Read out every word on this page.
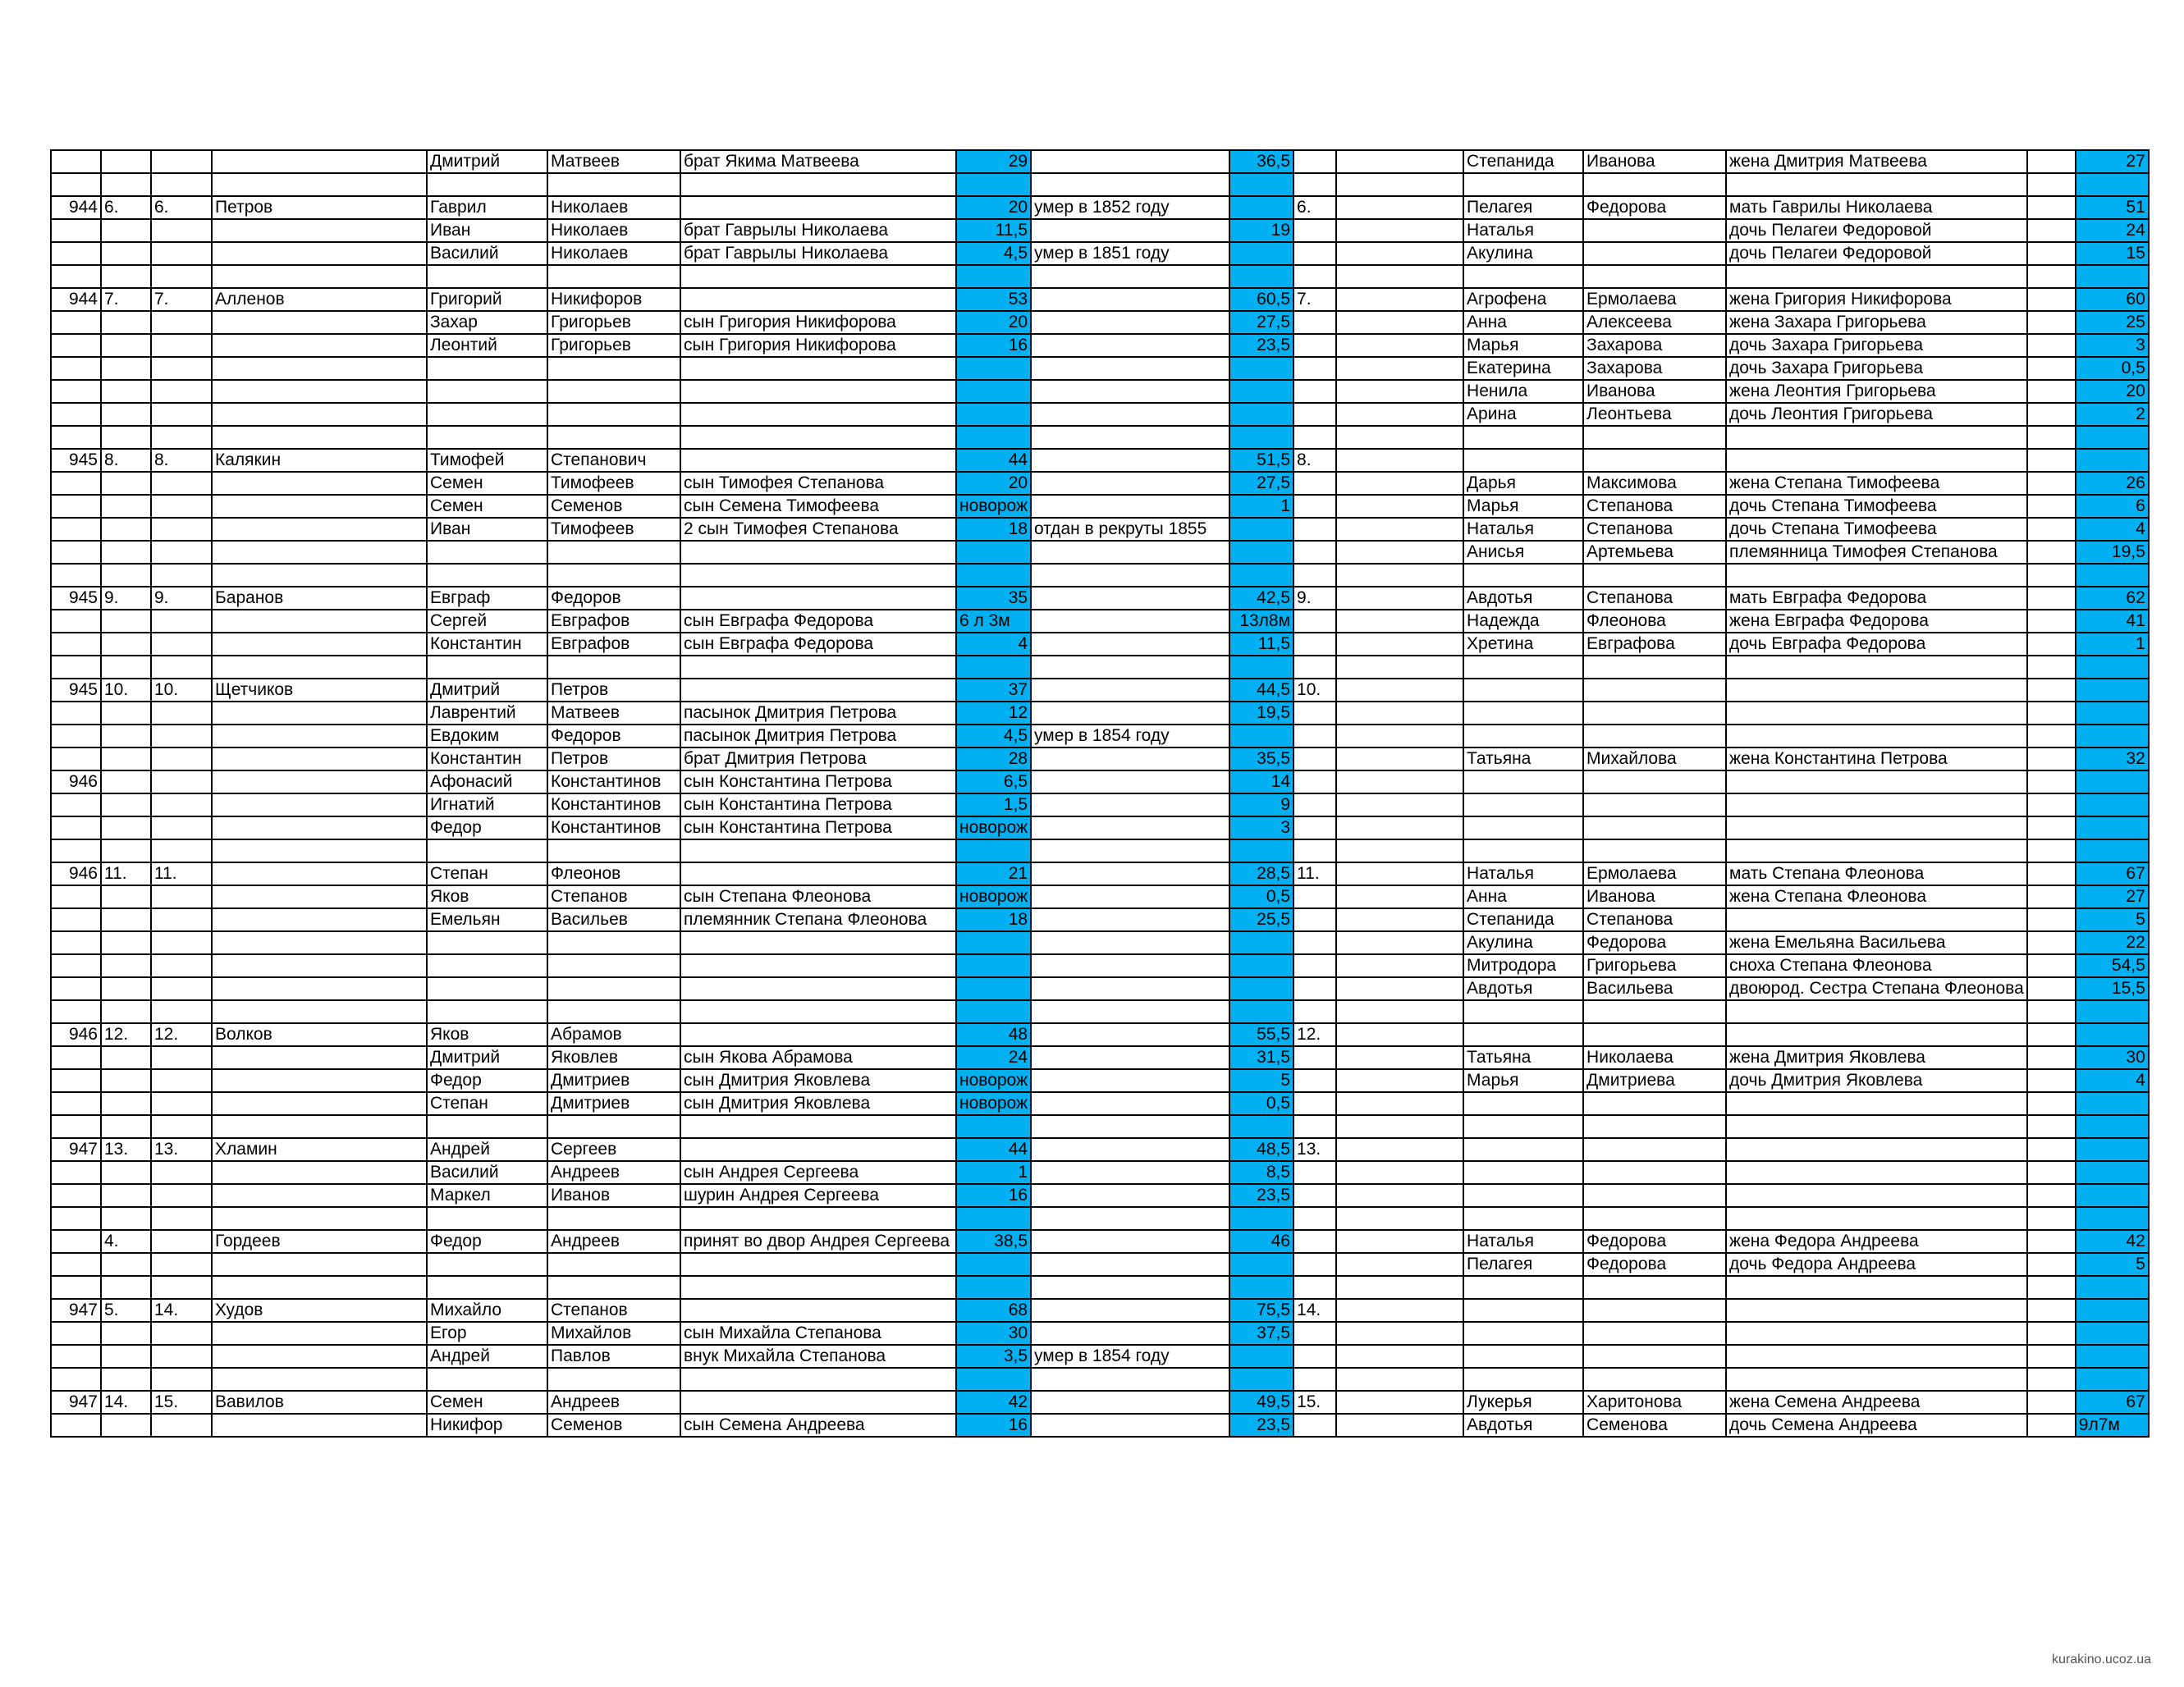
				Дмитрий	Матвеев	брат Якима Матвеева	29		36,5			Степанида	Иванова	жена Дмитрия Матвеева		27

944	6.	6.	Петров	Гаврил	Николаев		20	умер в 1852 году		6.		Пелагея	Федорова	мать Гаврилы Николаева		51
				Иван	Николаев	брат Гаврылы Николаева	11,5		19			Наталья		дочь Пелагеи Федоровой		24
				Василий	Николаев	брат Гаврылы Николаева	4,5	умер в 1851 году				Акулина		дочь Пелагеи Федоровой		15

944	7.	7.	Алленов	Григорий	Никифоров		53		60,5	7.		Агрофена	Ермолаева	жена Григория Никифорова		60
				Захар	Григорьев	сын Григория Никифорова	20		27,5			Анна	Алексеева	жена Захара Григорьева		25
				Леонтий	Григорьев	сын Григория Никифорова	16		23,5			Марья	Захарова	дочь Захара Григорьева		3
												Екатерина	Захарова	дочь Захара Григорьева		0,5
												Ненила	Иванова	жена Леонтия Григорьева		20
												Арина	Леонтьева	дочь Леонтия Григорьева		2

945	8.	8.	Калякин	Тимофей	Степанович		44		51,5	8.						
				Семен	Тимофеев	сын Тимофея Степанова	20		27,5			Дарья	Максимова	жена Степана Тимофеева		26
				Семен	Семенов	сын Семена Тимофеева	новорож		1			Марья	Степанова	дочь Степана Тимофеева		6
				Иван	Тимофеев	2 сын Тимофея Степанова	18	отдан в рекруты 1855				Наталья	Степанова	дочь Степана Тимофеева		4
												Анисья	Артемьева	племянница Тимофея Степанова		19,5

945	9.	9.	Баранов	Евграф	Федоров		35		42,5	9.		Авдотья	Степанова	мать Евграфа Федорова		62
				Сергей	Евграфов	сын Евграфа Федорова	6 л 3м		13л8м			Надежда	Флеонова	жена Евграфа Федорова		41
				Константин	Евграфов	сын Евграфа Федорова	4		11,5			Хретина	Евграфова	дочь Евграфа Федорова		1

945	10.	10.	Щетчиков	Дмитрий	Петров		37		44,5	10.						
				Лаврентий	Матвеев	пасынок Дмитрия Петрова	12		19,5							
				Евдоким	Федоров	пасынок Дмитрия Петрова	4,5	умер в 1854 году								
				Константин	Петров	брат Дмитрия Петрова	28		35,5			Татьяна	Михайлова	жена Константина Петрова		32
946				Афонасий	Константинов	сын Константина Петрова	6,5		14							
				Игнатий	Константинов	сын Константина Петрова	1,5		9							
				Федор	Константинов	сын Константина Петрова	новорож		3							

946	11.	11.		Степан	Флеонов		21		28,5	11.		Наталья	Ермолаева	мать Степана Флеонова		67
				Яков	Степанов	сын Степана Флеонова	новорож		0,5			Анна	Иванова	жена Степана Флеонова		27
				Емельян	Васильев	племянник Степана Флеонова	18		25,5			Степанида	Степанова			5
												Акулина	Федорова	жена Емельяна Васильева		22
												Митродора	Григорьева	сноха Степана Флеонова		54,5
												Авдотья	Васильева	двоюрод. Сестра Степана Флеонова		15,5

946	12.	12.	Волков	Яков	Абрамов		48		55,5	12.						
				Дмитрий	Яковлев	сын Якова Абрамова	24		31,5			Татьяна	Николаева	жена Дмитрия Яковлева		30
				Федор	Дмитриев	сын Дмитрия Яковлева	новорож		5			Марья	Дмитриева	дочь Дмитрия Яковлева		4
				Степан	Дмитриев	сын Дмитрия Яковлева	новорож		0,5							

947	13.	13.	Хламин	Андрей	Сергеев		44		48,5	13.						
				Василий	Андреев	сын Андрея Сергеева	1		8,5							
				Маркел	Иванов	шурин Андрея Сергеева	16		23,5							

	4.		Гордеев	Федор	Андреев	принят во двор Андрея Сергеева	38,5		46			Наталья	Федорова	жена Федора Андреева		42
												Пелагея	Федорова	дочь Федора Андреева		5

947	5.	14.	Худов	Михайло	Степанов		68		75,5	14.						
				Егор	Михайлов	сын Михайла Степанова	30		37,5							
				Андрей	Павлов	внук Михайла Степанова	3,5	умер в 1854 году								

947	14.	15.	Вавилов	Семен	Андреев		42		49,5	15.		Лукерья	Харитонова	жена Семена Андреева		67
				Никифор	Семенов	сын Семена Андреева	16		23,5			Авдотья	Семенова	дочь Семена Андреева		9л7м
kurakino.ucoz.ua
